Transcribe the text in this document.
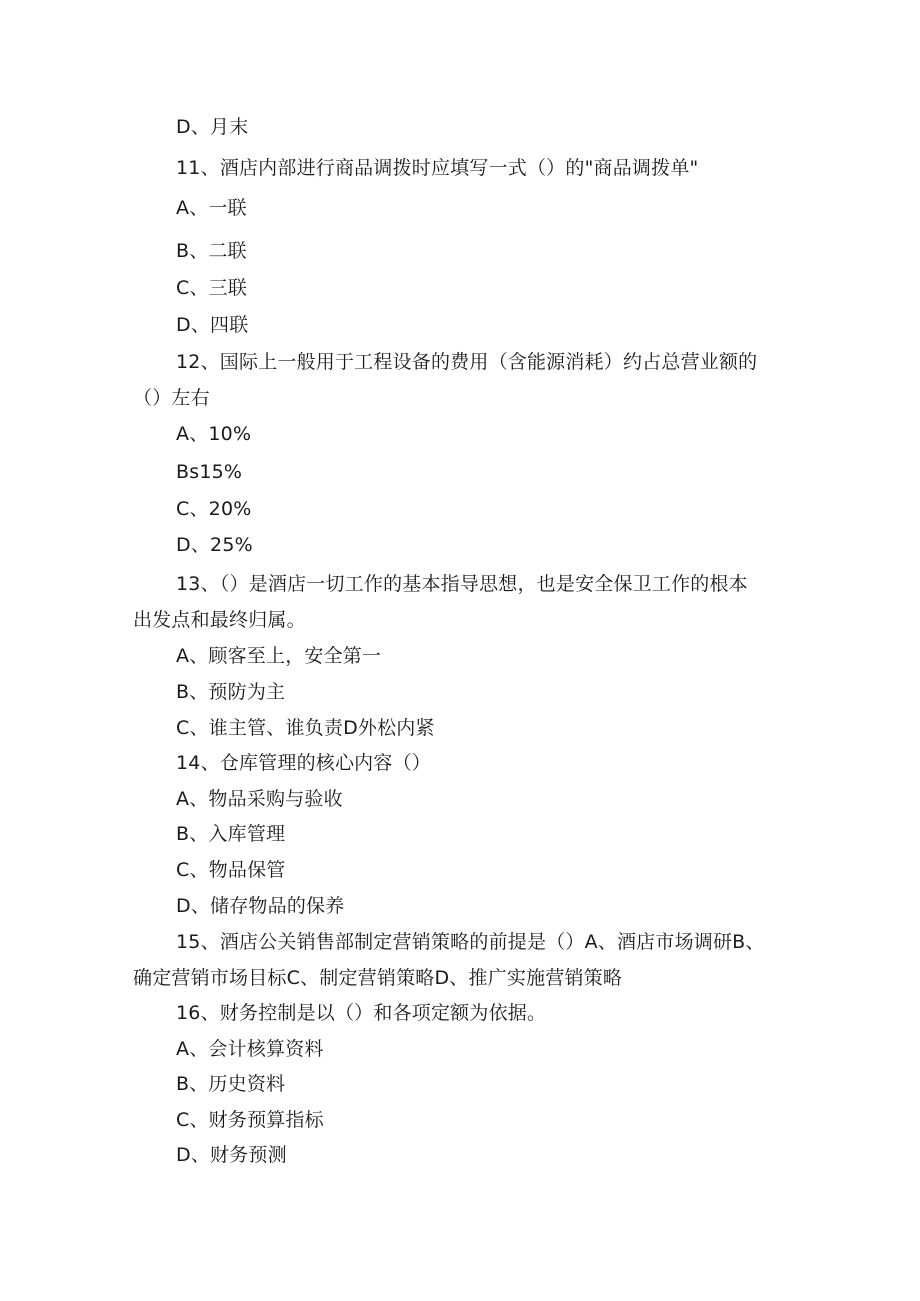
D、月末
11、酒店内部进行商品调拨时应填写一式（）的"商品调拨单"
A、一联
B、二联
C、三联
D、四联
12、国际上一般用于工程设备的费用（含能源消耗）约占总营业额的
（）左右
A、10%
Bs15%
C、20%
D、25%
13、（）是酒店一切工作的基本指导思想，也是安全保卫工作的根本
出发点和最终归属。
A、顾客至上，安全第一
B、预防为主
C、谁主管、谁负责D外松内紧
14、仓库管理的核心内容（）
A、物品采购与验收
B、入库管理
C、物品保管
D、储存物品的保养
15、酒店公关销售部制定营销策略的前提是（）A、酒店市场调研B、
确定营销市场目标C、制定营销策略D、推广实施营销策略
16、财务控制是以（）和各项定额为依据。
A、会计核算资料
B、历史资料
C、财务预算指标
D、财务预测
